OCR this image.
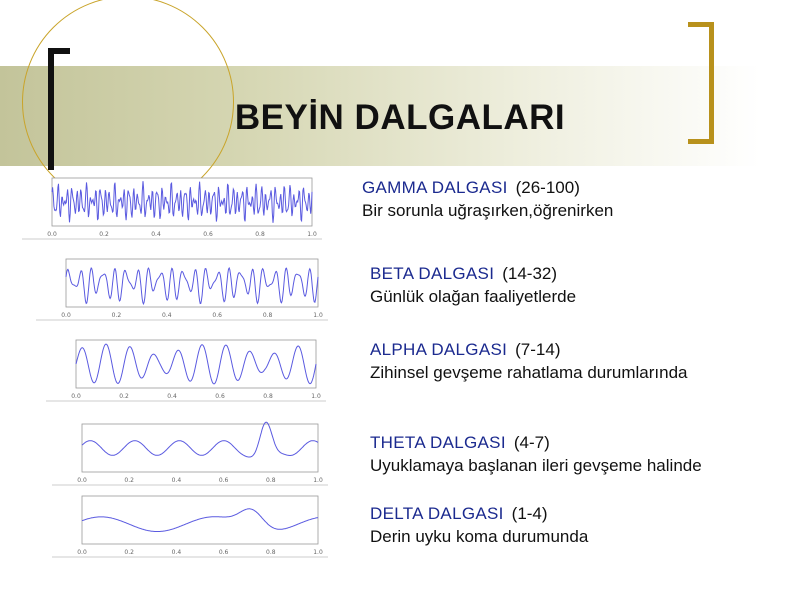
BEYİN DALGALARI
0.0	0.2	0.4	0.6	0.8	1.0
0.0	0.2	0.4	0.6	0.8	1.0
0.0	0.2	0.4	0.6	0.8	1.0
0.0	0.2	0.4	0.6	0.8	1.0
0.0	0.2	0.4	0.6	0.8	1.0
GAMMA DALGASI (26-100)
Bir sorunla uğraşırken,öğrenirken
BETA DALGASI (14-32)
Günlük olağan faaliyetlerde
ALPHA DALGASI (7-14)
Zihinsel gevşeme rahatlama durumlarında
THETA DALGASI (4-7)
Uyuklamaya başlanan ileri gevşeme halinde
DELTA DALGASI (1-4)
Derin uyku koma durumunda
